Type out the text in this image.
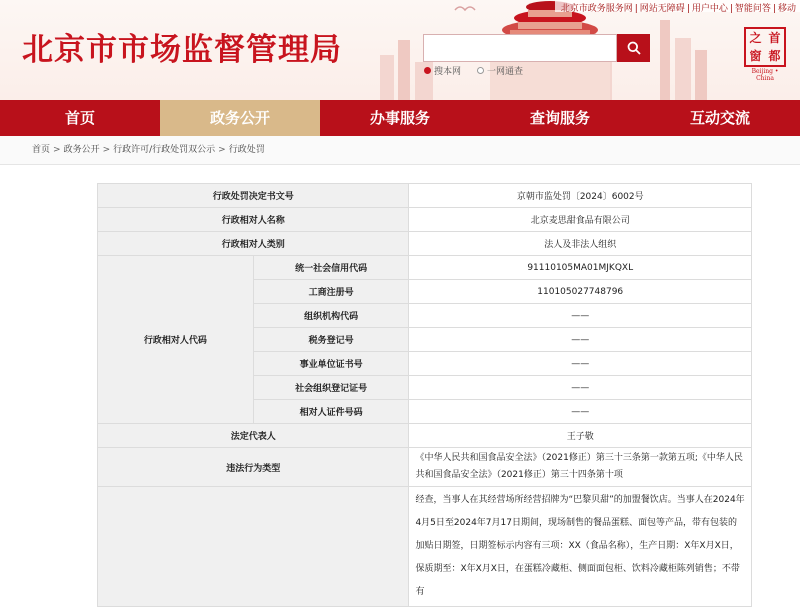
北京市市场监督管理局
北京市政务服务网 | 网站无障碍 | 用户中心 | 智能问答 | 移动
搜本网	一网通查
之 首
窗 都
Beijing • China
首页	政务公开	办事服务	查询服务	互动交流
首页 > 政务公开 > 行政许可/行政处罚双公示 > 行政处罚
行政处罚决定书文号		京朝市监处罚〔2024〕6002号
行政相对人名称		北京麦思甜食品有限公司
行政相对人类别		法人及非法人组织
行政相对人代码	统一社会信用代码	91110105MA01MJKQXL
	工商注册号	110105027748796
	组织机构代码	——
	税务登记号	——
	事业单位证书号	——
	社会组织登记证号	——
	相对人证件号码	——
法定代表人		王子敬
违法行为类型		《中华人民共和国食品安全法》（2021修正）第三十三条第一款第五项;《中华人民共和国食品安全法》（2021修正）第三十四条第十项
		经查，当事人在其经营场所经营招牌为“巴黎贝甜”的加盟餐饮店。当事人在2024年4月5日至2024年7月17日期间，现场制售的餐品蛋糕、面包等产品，带有包装的加贴日期签，日期签标示内容有三项：XX（食品名称），生产日期：X年X月X日，保质期至：X年X月X日，在蛋糕冷藏柜、侧面面包柜、饮料冷藏柜陈列销售；不带有
